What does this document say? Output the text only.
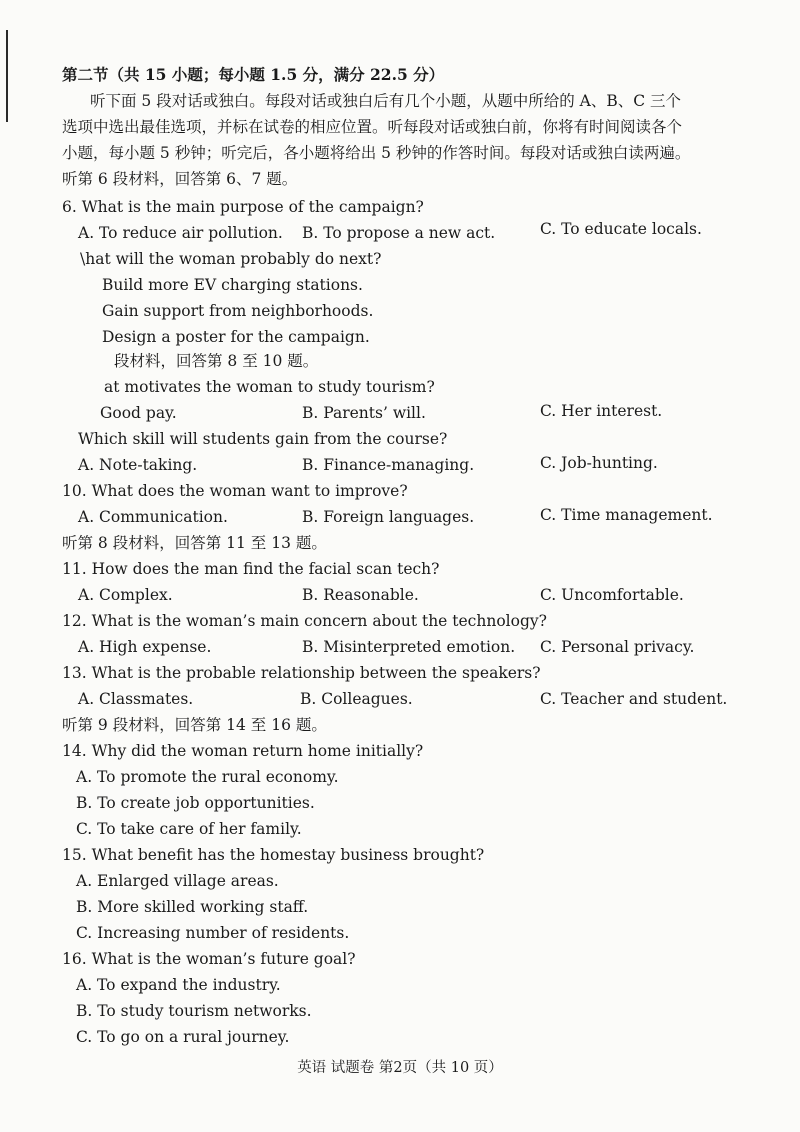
第二节（共 15 小题；每小题 1.5 分，满分 22.5 分）
听下面 5 段对话或独白。每段对话或独白后有几个小题，从题中所给的 A、B、C 三个
选项中选出最佳选项，并标在试卷的相应位置。听每段对话或独白前，你将有时间阅读各个
小题，每小题 5 秒钟；听完后，各小题将给出 5 秒钟的作答时间。每段对话或独白读两遍。
听第 6 段材料，回答第 6、7 题。
6. What is the main purpose of the campaign?
A. To reduce air pollution. B. To propose a new act.	C. To educate locals.
\hat will the woman probably do next?
Build more EV charging stations.
Gain support from neighborhoods.
Design a poster for the campaign.
段材料，回答第 8 至 10 题。
at motivates the woman to study tourism?
Good pay.	B. Parents’ will.	C. Her interest.
Which skill will students gain from the course?
A. Note-taking.	B. Finance-managing.	C. Job-hunting.
10. What does the woman want to improve?
A. Communication.	B. Foreign languages.	C. Time management.
听第 8 段材料，回答第 11 至 13 题。
11. How does the man find the facial scan tech?
A. Complex.	B. Reasonable.	C. Uncomfortable.
12. What is the woman’s main concern about the technology?
A. High expense.	B. Misinterpreted emotion. C. Personal privacy.
13. What is the probable relationship between the speakers?
A. Classmates.	B. Colleagues.	C. Teacher and student.
听第 9 段材料，回答第 14 至 16 题。
14. Why did the woman return home initially?
A. To promote the rural economy.
B. To create job opportunities.
C. To take care of her family.
15. What benefit has the homestay business brought?
A. Enlarged village areas.
B. More skilled working staff.
C. Increasing number of residents.
16. What is the woman’s future goal?
A. To expand the industry.
B. To study tourism networks.
C. To go on a rural journey.
英语 试题卷 第2页（共 10 页）
